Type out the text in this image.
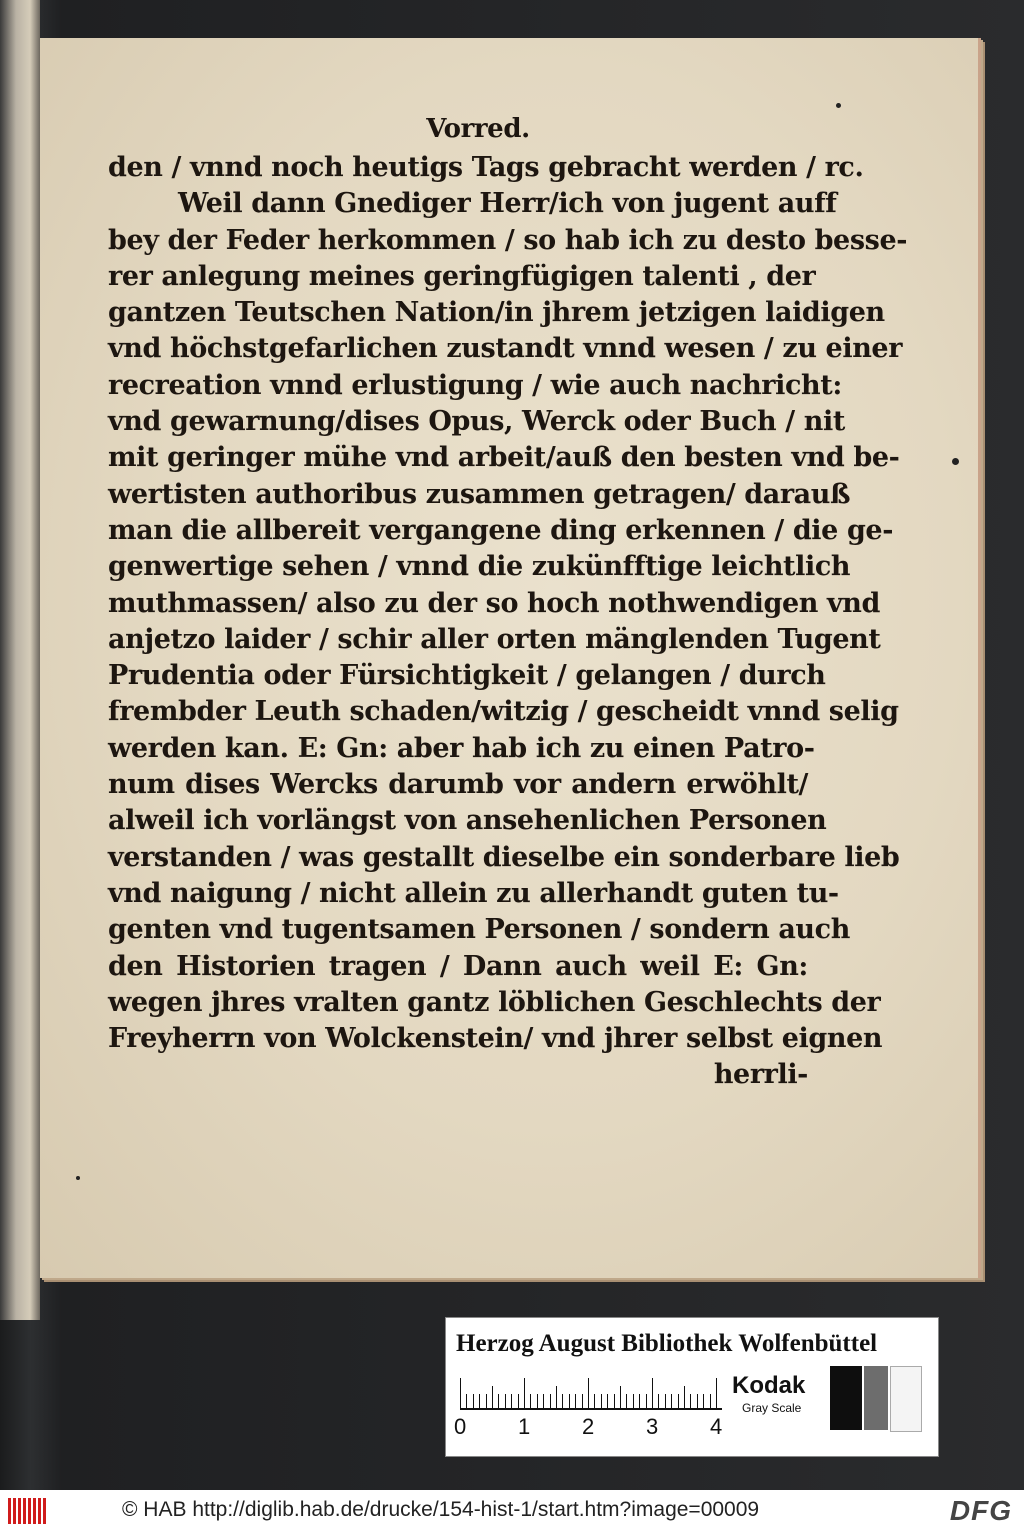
Vorred.
den / vnnd noch heutigs Tags gebracht werden / rc.
Weil dann Gnediger Herr/ich von jugent auff
bey der Feder herkommen / so hab ich zu desto besse-
rer anlegung meines geringfügigen talenti , der
gantzen Teutschen Nation/in jhrem jetzigen laidigen
vnd höchstgefarlichen zustandt vnnd wesen / zu einer
recreation vnnd erlustigung / wie auch nachricht:
vnd gewarnung/dises Opus, Werck oder Buch / nit
mit geringer mühe vnd arbeit/auß den besten vnd be-
wertisten authoribus zusammen getragen/ darauß
man die allbereit vergangene ding erkennen / die ge-
genwertige sehen / vnnd die zukünfftige leichtlich
muthmassen/ also zu der so hoch nothwendigen vnd
anjetzo laider / schir aller orten mänglenden Tugent
Prudentia oder Fürsichtigkeit / gelangen / durch
frembder Leuth schaden/witzig / gescheidt vnnd selig
werden kan. E: Gn: aber hab ich zu einen Patro-
num dises Wercks darumb vor andern erwöhlt/
alweil ich vorlängst von ansehenlichen Personen
verstanden / was gestallt dieselbe ein sonderbare lieb
vnd naigung / nicht allein zu allerhandt guten tu-
genten vnd tugentsamen Personen / sondern auch
den Historien tragen / Dann auch weil E: Gn:
wegen jhres vralten gantz löblichen Geschlechts der
Freyherrn von Wolckenstein/ vnd jhrer selbst eignen
herrli-
Herzog August Bibliothek Wolfenbüttel
0 1 2 3 4
Kodak
Gray Scale
© HAB http://diglib.hab.de/drucke/154-hist-1/start.htm?image=00009	DFG
